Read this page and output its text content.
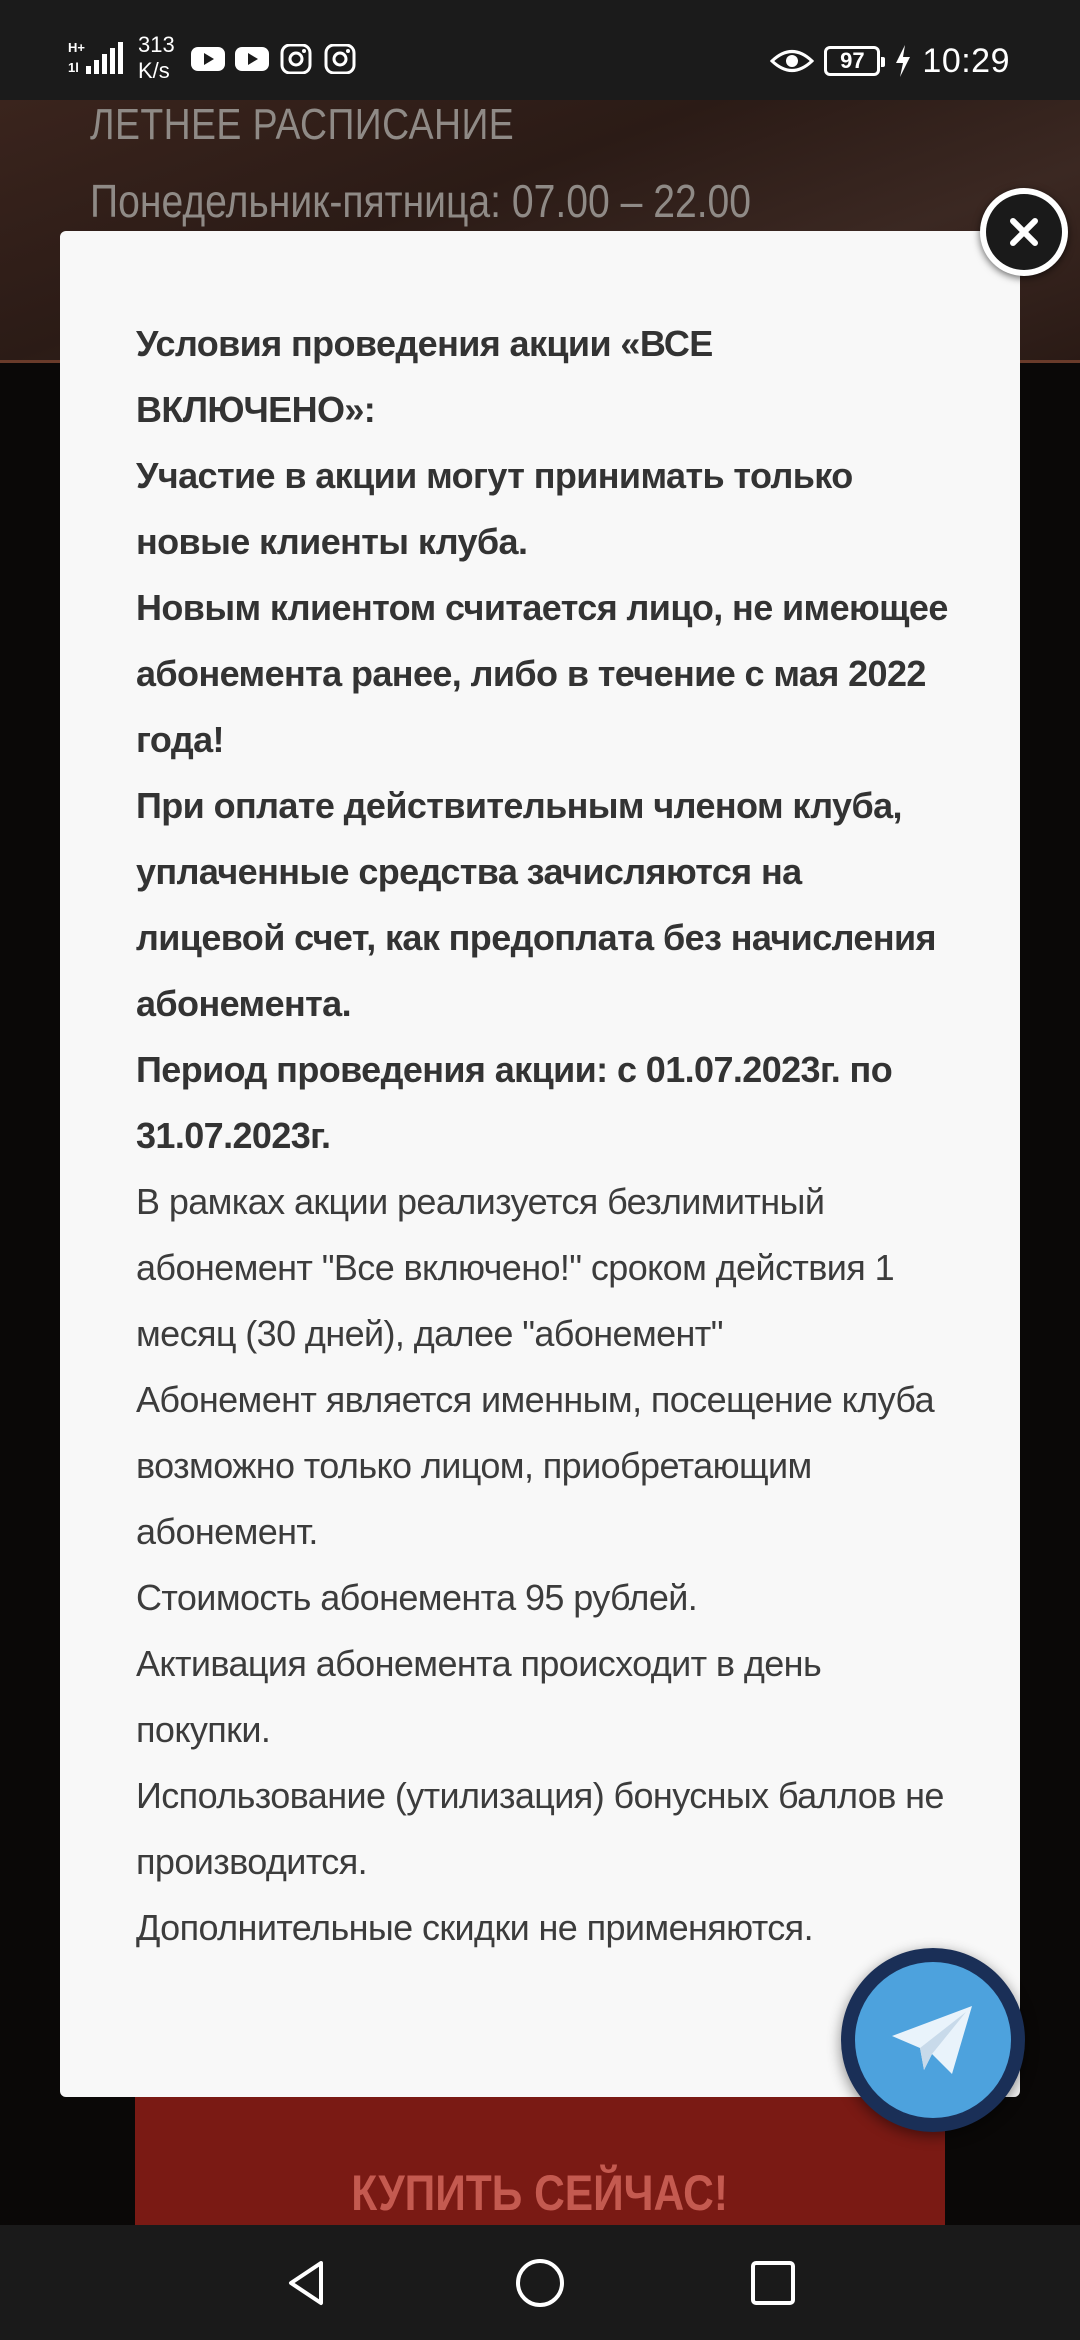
H+
1l
313
K/s	97 10:29
ЛЕТНЕЕ РАСПИСАНИЕ
Понедельник-пятница: 07.00 – 22.00
КУПИТЬ СЕЙЧАС!

Условия проведения акции «ВСЕ ВКЛЮЧЕНО»:

Участие в акции могут принимать только новые клиенты клуба.

Новым клиентом считается лицо, не имеющее абонемента ранее, либо в течение с мая 2022 года!

При оплате действительным членом клуба, уплаченные средства зачисляются на лицевой счет, как предоплата без начисления абонемента.

Период проведения акции: с 01.07.2023г. по 31.07.2023г.

В рамках акции реализуется безлимитный абонемент "Все включено!" сроком действия 1 месяц (30 дней), далее "абонемент"

Абонемент является именным, посещение клуба возможно только лицом, приобретающим абонемент.

Стоимость абонемента 95 рублей.

Активация абонемента происходит в день покупки.

Использование (утилизация) бонусных баллов не производится.

Дополнительные скидки не применяются.
